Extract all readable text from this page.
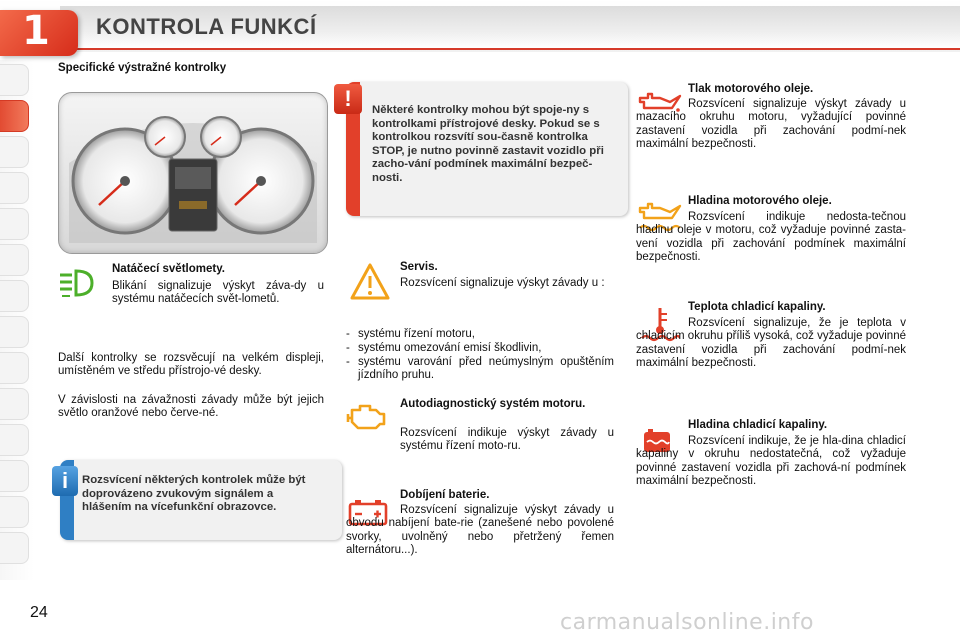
1 KONTROLA FUNKCÍ
Specifické výstražné kontrolky
!	Některé kontrolky mohou být spoje-ny s kontrolkami přístrojové desky. Pokud se s kontrolkou rozsvítí sou-časně kontrolka STOP, je nutno povinně zastavit vozidlo při zacho-vání podmínek maximální bezpeč-nosti.
Natáčecí světlomety.
Blikání signalizuje výskyt záva-dy u systému natáčecích svět-lometů.
Další kontrolky se rozsvěcují na velkém displeji, umístěném ve středu přístrojo-vé desky.
V závislosti na závažnosti závady může být jejich světlo oranžové nebo červe-né.
i	Rozsvícení některých kontrolek může být doprovázeno zvukovým signálem a hlášením na vícefunkční obrazovce.
Servis.
Rozsvícení signalizuje výskyt závady u :
- systému řízení motoru,
- systému omezování emisí škodlivin,
- systému varování před neúmyslným opuštěním jízdního pruhu.
Autodiagnostický systém motoru.
Rozsvícení indikuje výskyt závady u systému řízení moto-ru.
Dobíjení baterie.
Rozsvícení signalizuje výskyt závady u obvodu nabíjení bate-rie (zanešené nebo povolené svorky, uvolněný nebo přetržený řemen alternátoru...).
Tlak motorového oleje.
Rozsvícení signalizuje výskyt závady u mazacího okruhu motoru, vyžadující povinné zastavení vozidla při zachování podmí-nek maximální bezpečnosti.
Hladina motorového oleje.
Rozsvícení indikuje nedosta-tečnou hladinu oleje v motoru, což vyžaduje povinné zasta-vení vozidla při zachování podmínek maximální bezpečnosti.
Teplota chladicí kapaliny.
Rozsvícení signalizuje, že je teplota v chladicím okruhu příliš vysoká, což vyžaduje povinné zastavení vozidla při zachování podmí-nek maximální bezpečnosti.
Hladina chladicí kapaliny.
Rozsvícení indikuje, že je hla-dina chladicí kapaliny v okruhu nedostatečná, což vyžaduje povinné zastavení vozidla při zachová-ní podmínek maximální bezpečnosti.
24	carmanualsonline.info
